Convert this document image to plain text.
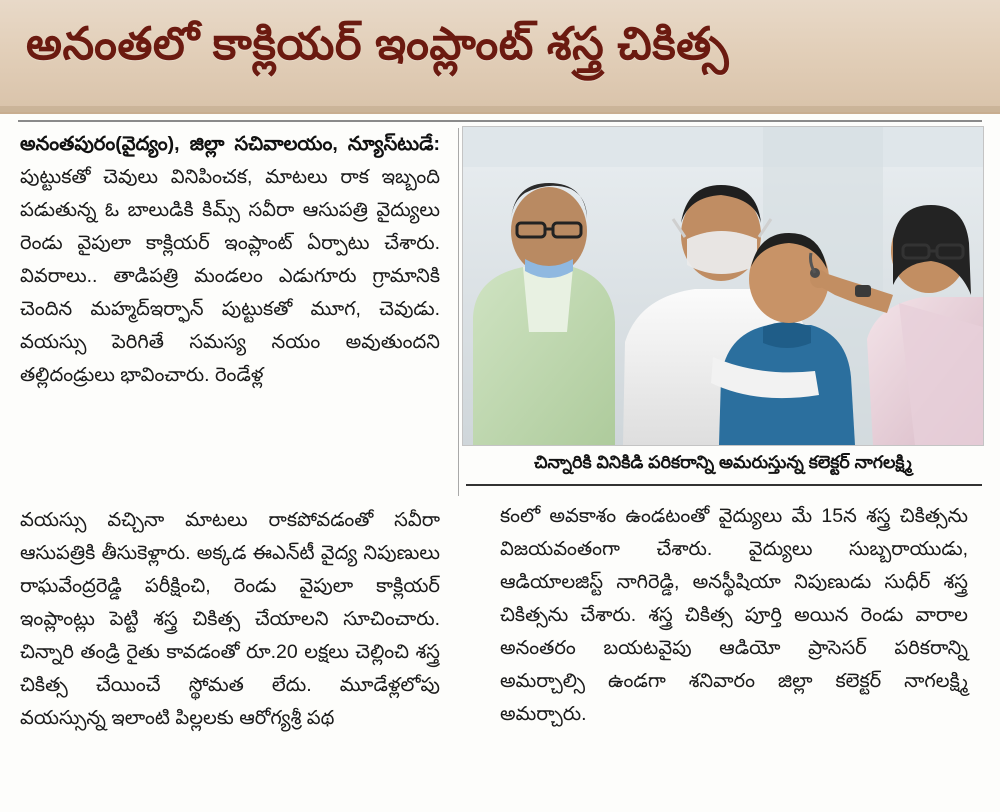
అనంతలో కాక్లియర్ ఇంప్లాంట్ శస్త్ర చికిత్స

అనంతపురం(వైద్యం), జిల్లా సచివాలయం, న్యూస్‌టుడే: పుట్టుకతో చెవులు వినిపించక, మాటలు రాక ఇబ్బంది పడుతున్న ఓ బాలుడికి కిమ్స్ సవీరా ఆసుపత్రి వైద్యులు రెండు వైపులా కాక్లియర్ ఇంప్లాంట్ ఏర్పాటు చేశారు. వివరాలు.. తాడిపత్రి మండలం ఎడుగూరు గ్రామానికి చెందిన మహ్మద్‌ఇర్ఫాన్ పుట్టుకతో మూగ, చెవుడు. వయస్సు పెరిగితే సమస్య నయం అవుతుందని తల్లిదండ్రులు భావించారు. రెండేళ్ల

చిన్నారికి వినికిడి పరికరాన్ని అమరుస్తున్న కలెక్టర్ నాగలక్ష్మి

వయస్సు వచ్చినా మాటలు రాకపోవడంతో సవీరా ఆసుపత్రికి తీసుకెళ్లారు. అక్కడ ఈఎన్‌టీ వైద్య నిపుణులు రాఘవేంద్రరెడ్డి పరీక్షించి, రెండు వైపులా కాక్లియర్ ఇంప్లాంట్లు పెట్టి శస్త్ర చికిత్స చేయాలని సూచించారు. చిన్నారి తండ్రి రైతు కావడంతో రూ.20 లక్షలు చెల్లించి శస్త్ర చికిత్స చేయించే స్థోమత లేదు. మూడేళ్లలోపు వయస్సున్న ఇలాంటి పిల్లలకు ఆరోగ్యశ్రీ పథ

కంలో అవకాశం ఉండటంతో వైద్యులు మే 15న శస్త్ర చికిత్సను విజయవంతంగా చేశారు. వైద్యులు సుబ్బరాయుడు, ఆడియాలజిస్ట్ నాగిరెడ్డి, అనస్థీషియా నిపుణుడు సుధీర్ శస్త్ర చికిత్సను చేశారు. శస్త్ర చికిత్స పూర్తి అయిన రెండు వారాల అనంతరం బయటవైపు ఆడియో ప్రాసెసర్ పరికరాన్ని అమర్చాల్సి ఉండగా శనివారం జిల్లా కలెక్టర్ నాగలక్ష్మి అమర్చారు.
